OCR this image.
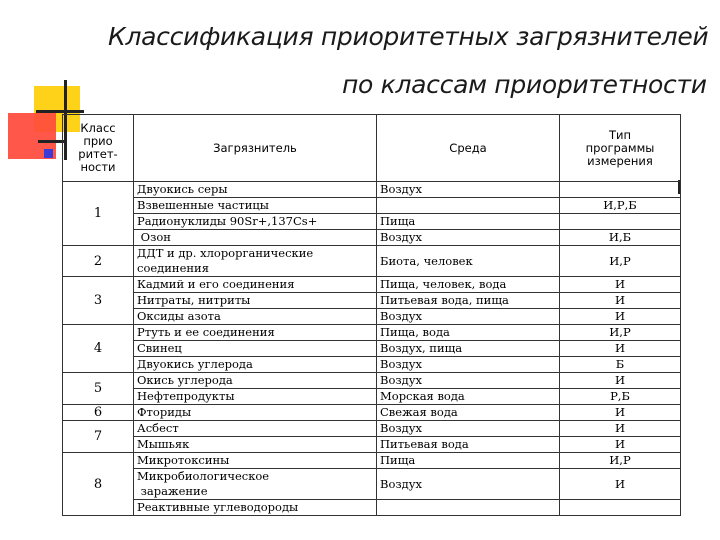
Классификация приоритетных загрязнителей
по классам приоритетности
Класс
прио
ритет-
ности	Загрязнитель	Среда	Тип
программы
измерения
1	Двуокись серы	Воздух	
	Взвешенные частицы		И,Р,Б
	Радионуклиды 90Sr+,137Cs+	Пища	
	Озон	Воздух	И,Б
2	ДДТ и др. хлорорганические
соединения	Биота, человек	И,Р
3	Кадмий и его соединения	Пища, человек, вода	И
	Нитраты, нитриты	Питьевая вода, пища	И
	Оксиды азота	Воздух	И
4	Ртуть и ее соединения	Пища, вода	И,Р
	Свинец	Воздух, пища	И
	Двуокись углерода	Воздух	Б
5	Окись углерода	Воздух	И
	Нефтепродукты	Морская вода	Р,Б
6	Фториды	Свежая вода	И
7	Асбест	Воздух	И
	Мышьяк	Питьевая вода	И
8	Микротоксины	Пища	И,Р
	Микробиологическое
заражение	Воздух	И
	Реактивные углеводороды		
